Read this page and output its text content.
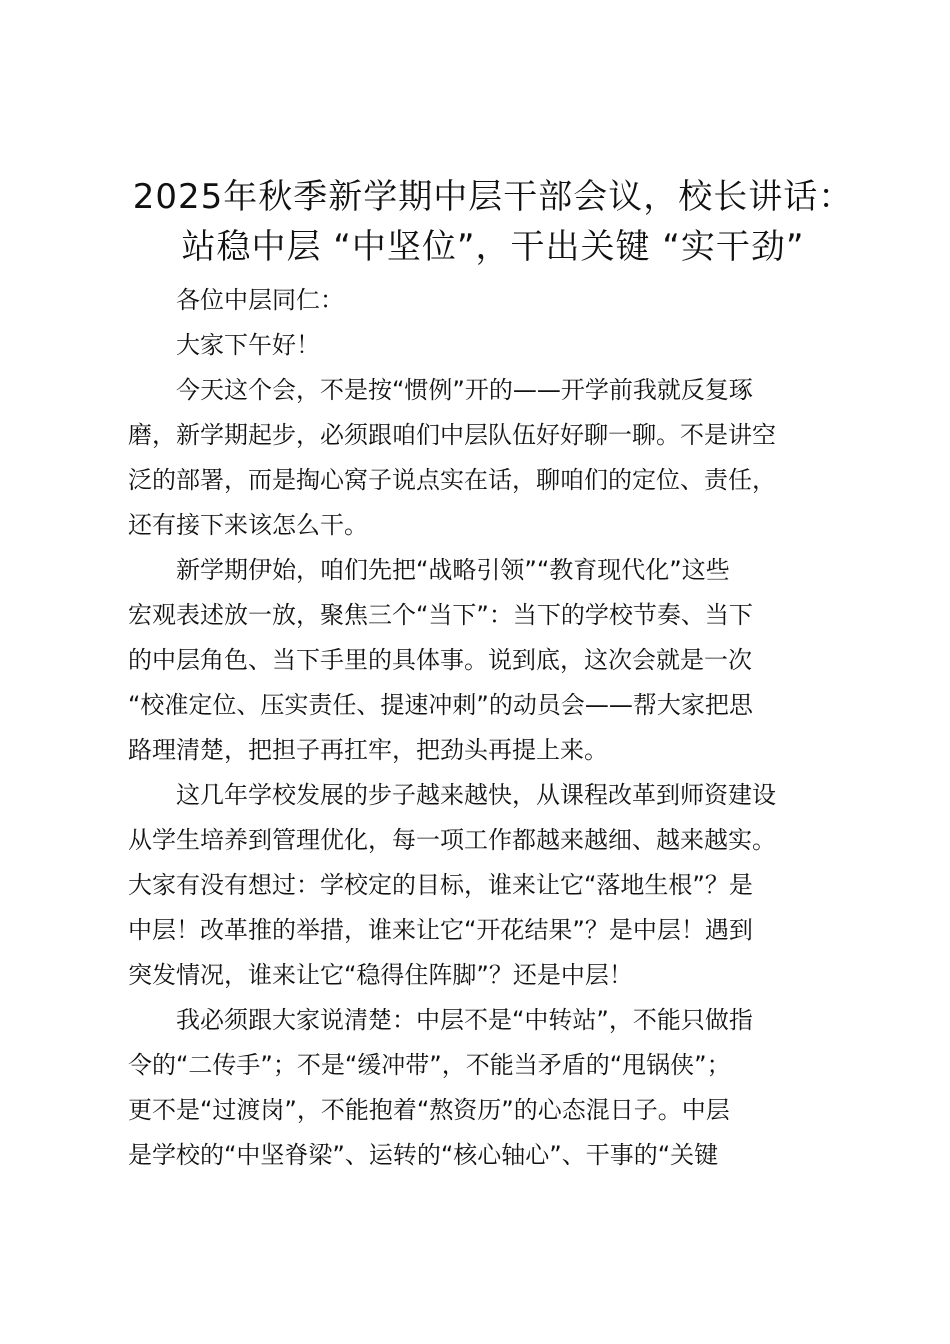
2025年秋季新学期中层干部会议，校长讲话：
站稳中层 “中坚位”，干出关键 “实干劲”
各位中层同仁：
大家下午好！
今天这个会，不是按“惯例”开的——开学前我就反复琢
磨，新学期起步，必须跟咱们中层队伍好好聊一聊。不是讲空
泛的部署，而是掏心窝子说点实在话，聊咱们的定位、责任，
还有接下来该怎么干。
新学期伊始，咱们先把“战略引领”“教育现代化”这些
宏观表述放一放，聚焦三个“当下”：当下的学校节奏、当下
的中层角色、当下手里的具体事。说到底，这次会就是一次
“校准定位、压实责任、提速冲刺”的动员会——帮大家把思
路理清楚，把担子再扛牢，把劲头再提上来。
这几年学校发展的步子越来越快，从课程改革到师资建设
从学生培养到管理优化，每一项工作都越来越细、越来越实。
大家有没有想过：学校定的目标，谁来让它“落地生根”？是
中层！改革推的举措，谁来让它“开花结果”？是中层！遇到
突发情况，谁来让它“稳得住阵脚”？还是中层！
我必须跟大家说清楚：中层不是“中转站”，不能只做指
令的“二传手”；不是“缓冲带”，不能当矛盾的“甩锅侠”；
更不是“过渡岗”，不能抱着“熬资历”的心态混日子。中层
是学校的“中坚脊梁”、运转的“核心轴心”、干事的“关键
